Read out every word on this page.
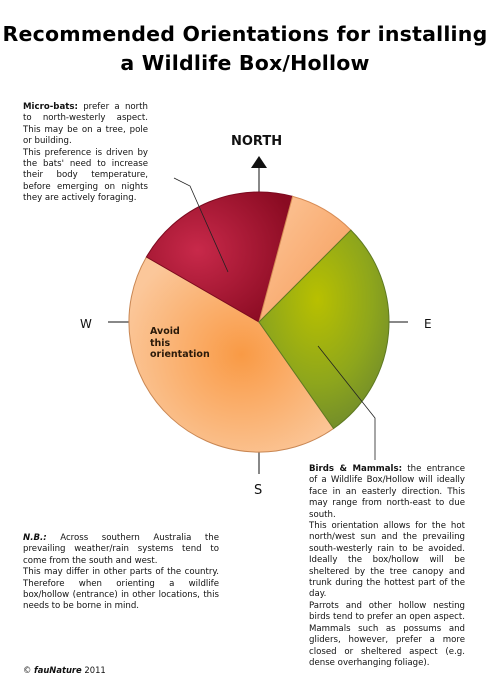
Recommended Orientations for installing
a Wildlife Box/Hollow
NORTH
E
W
S
Avoid
this
orientation

Micro-bats: prefer a north to north-westerly aspect. This may be on a tree, pole or building.

This preference is driven by the bats' need to increase their body temperature, before emerging on nights they are actively foraging.

Birds & Mammals: the entrance of a Wildlife Box/Hollow will ideally face in an easterly direction. This may range from north-east to due south.

This orientation allows for the hot north/west sun and the prevailing south-westerly rain to be avoided. Ideally the box/hollow will be sheltered by the tree canopy and trunk during the hottest part of the day.

Parrots and other hollow nesting birds tend to prefer an open aspect. Mammals such as possums and gliders, however, prefer a more closed or sheltered aspect (e.g. dense overhanging foliage).

N.B.: Across southern Australia the prevailing weather/rain systems tend to come from the south and west.

This may differ in other parts of the country. Therefore when orienting a wildlife box/hollow (entrance) in other locations, this needs to be borne in mind.

© fauNature 2011
